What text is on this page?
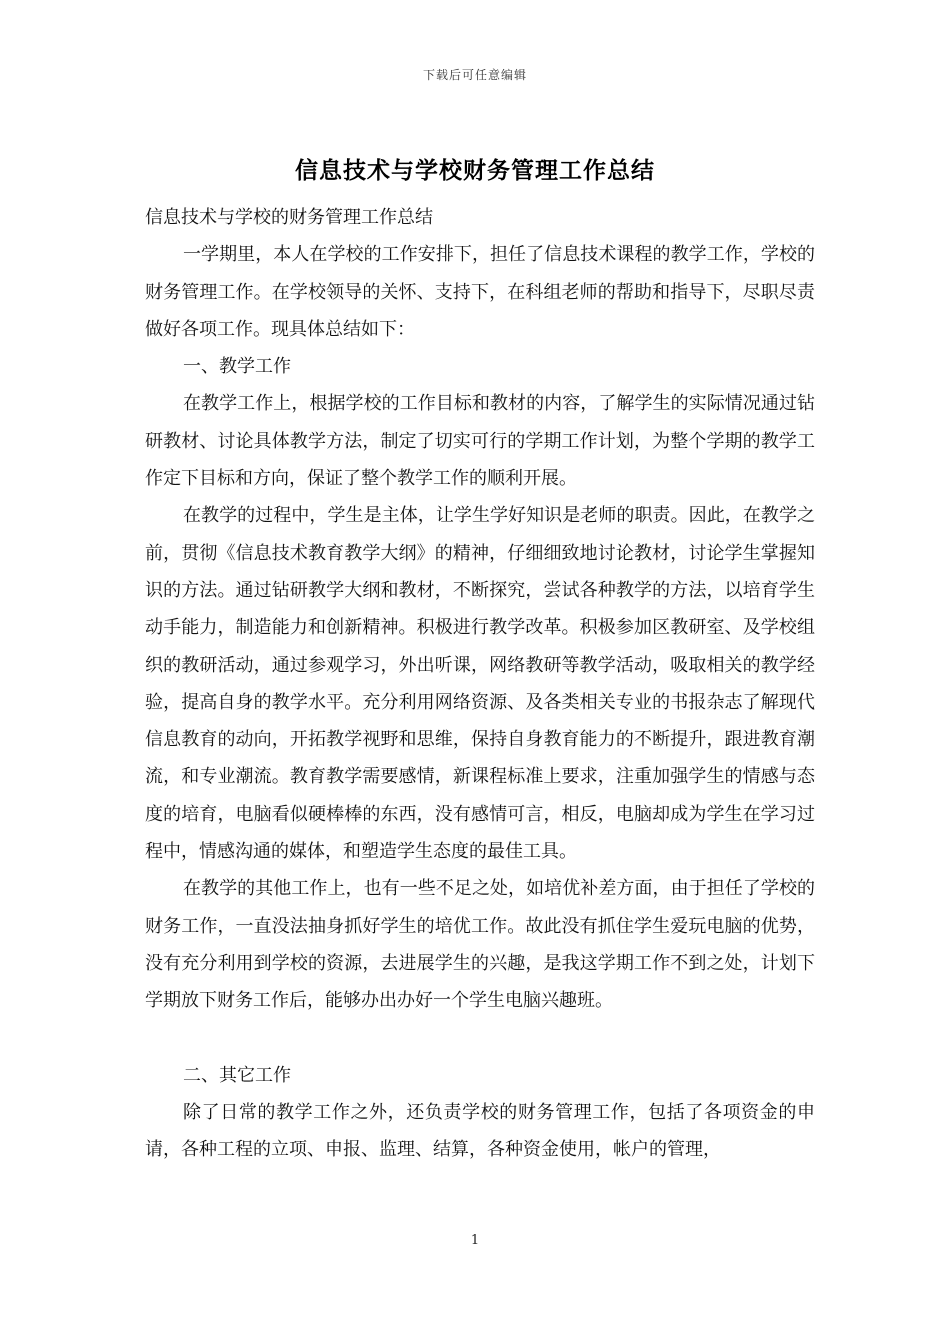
下载后可任意编辑
信息技术与学校财务管理工作总结

信息技术与学校的财务管理工作总结

一学期里，本人在学校的工作安排下，担任了信息技术课程的教学工作，学校的财务管理工作。在学校领导的关怀、支持下，在科组老师的帮助和指导下，尽职尽责做好各项工作。现具体总结如下：

一、教学工作

在教学工作上，根据学校的工作目标和教材的内容，了解学生的实际情况通过钻研教材、讨论具体教学方法，制定了切实可行的学期工作计划，为整个学期的教学工作定下目标和方向，保证了整个教学工作的顺利开展。

在教学的过程中，学生是主体，让学生学好知识是老师的职责。因此，在教学之前，贯彻《信息技术教育教学大纲》的精神，仔细细致地讨论教材，讨论学生掌握知识的方法。通过钻研教学大纲和教材，不断探究，尝试各种教学的方法，以培育学生动手能力，制造能力和创新精神。积极进行教学改革。积极参加区教研室、及学校组织的教研活动，通过参观学习，外出听课，网络教研等教学活动，吸取相关的教学经验，提高自身的教学水平。充分利用网络资源、及各类相关专业的书报杂志了解现代信息教育的动向，开拓教学视野和思维，保持自身教育能力的不断提升，跟进教育潮流，和专业潮流。教育教学需要感情，新课程标准上要求，注重加强学生的情感与态度的培育，电脑看似硬棒棒的东西，没有感情可言，相反，电脑却成为学生在学习过程中，情感沟通的媒体，和塑造学生态度的最佳工具。

在教学的其他工作上，也有一些不足之处，如培优补差方面，由于担任了学校的财务工作，一直没法抽身抓好学生的培优工作。故此没有抓住学生爱玩电脑的优势，没有充分利用到学校的资源，去进展学生的兴趣，是我这学期工作不到之处，计划下学期放下财务工作后，能够办出办好一个学生电脑兴趣班。

二、其它工作

除了日常的教学工作之外，还负责学校的财务管理工作，包括了各项资金的申请，各种工程的立项、申报、监理、结算，各种资金使用，帐户的管理，

1
